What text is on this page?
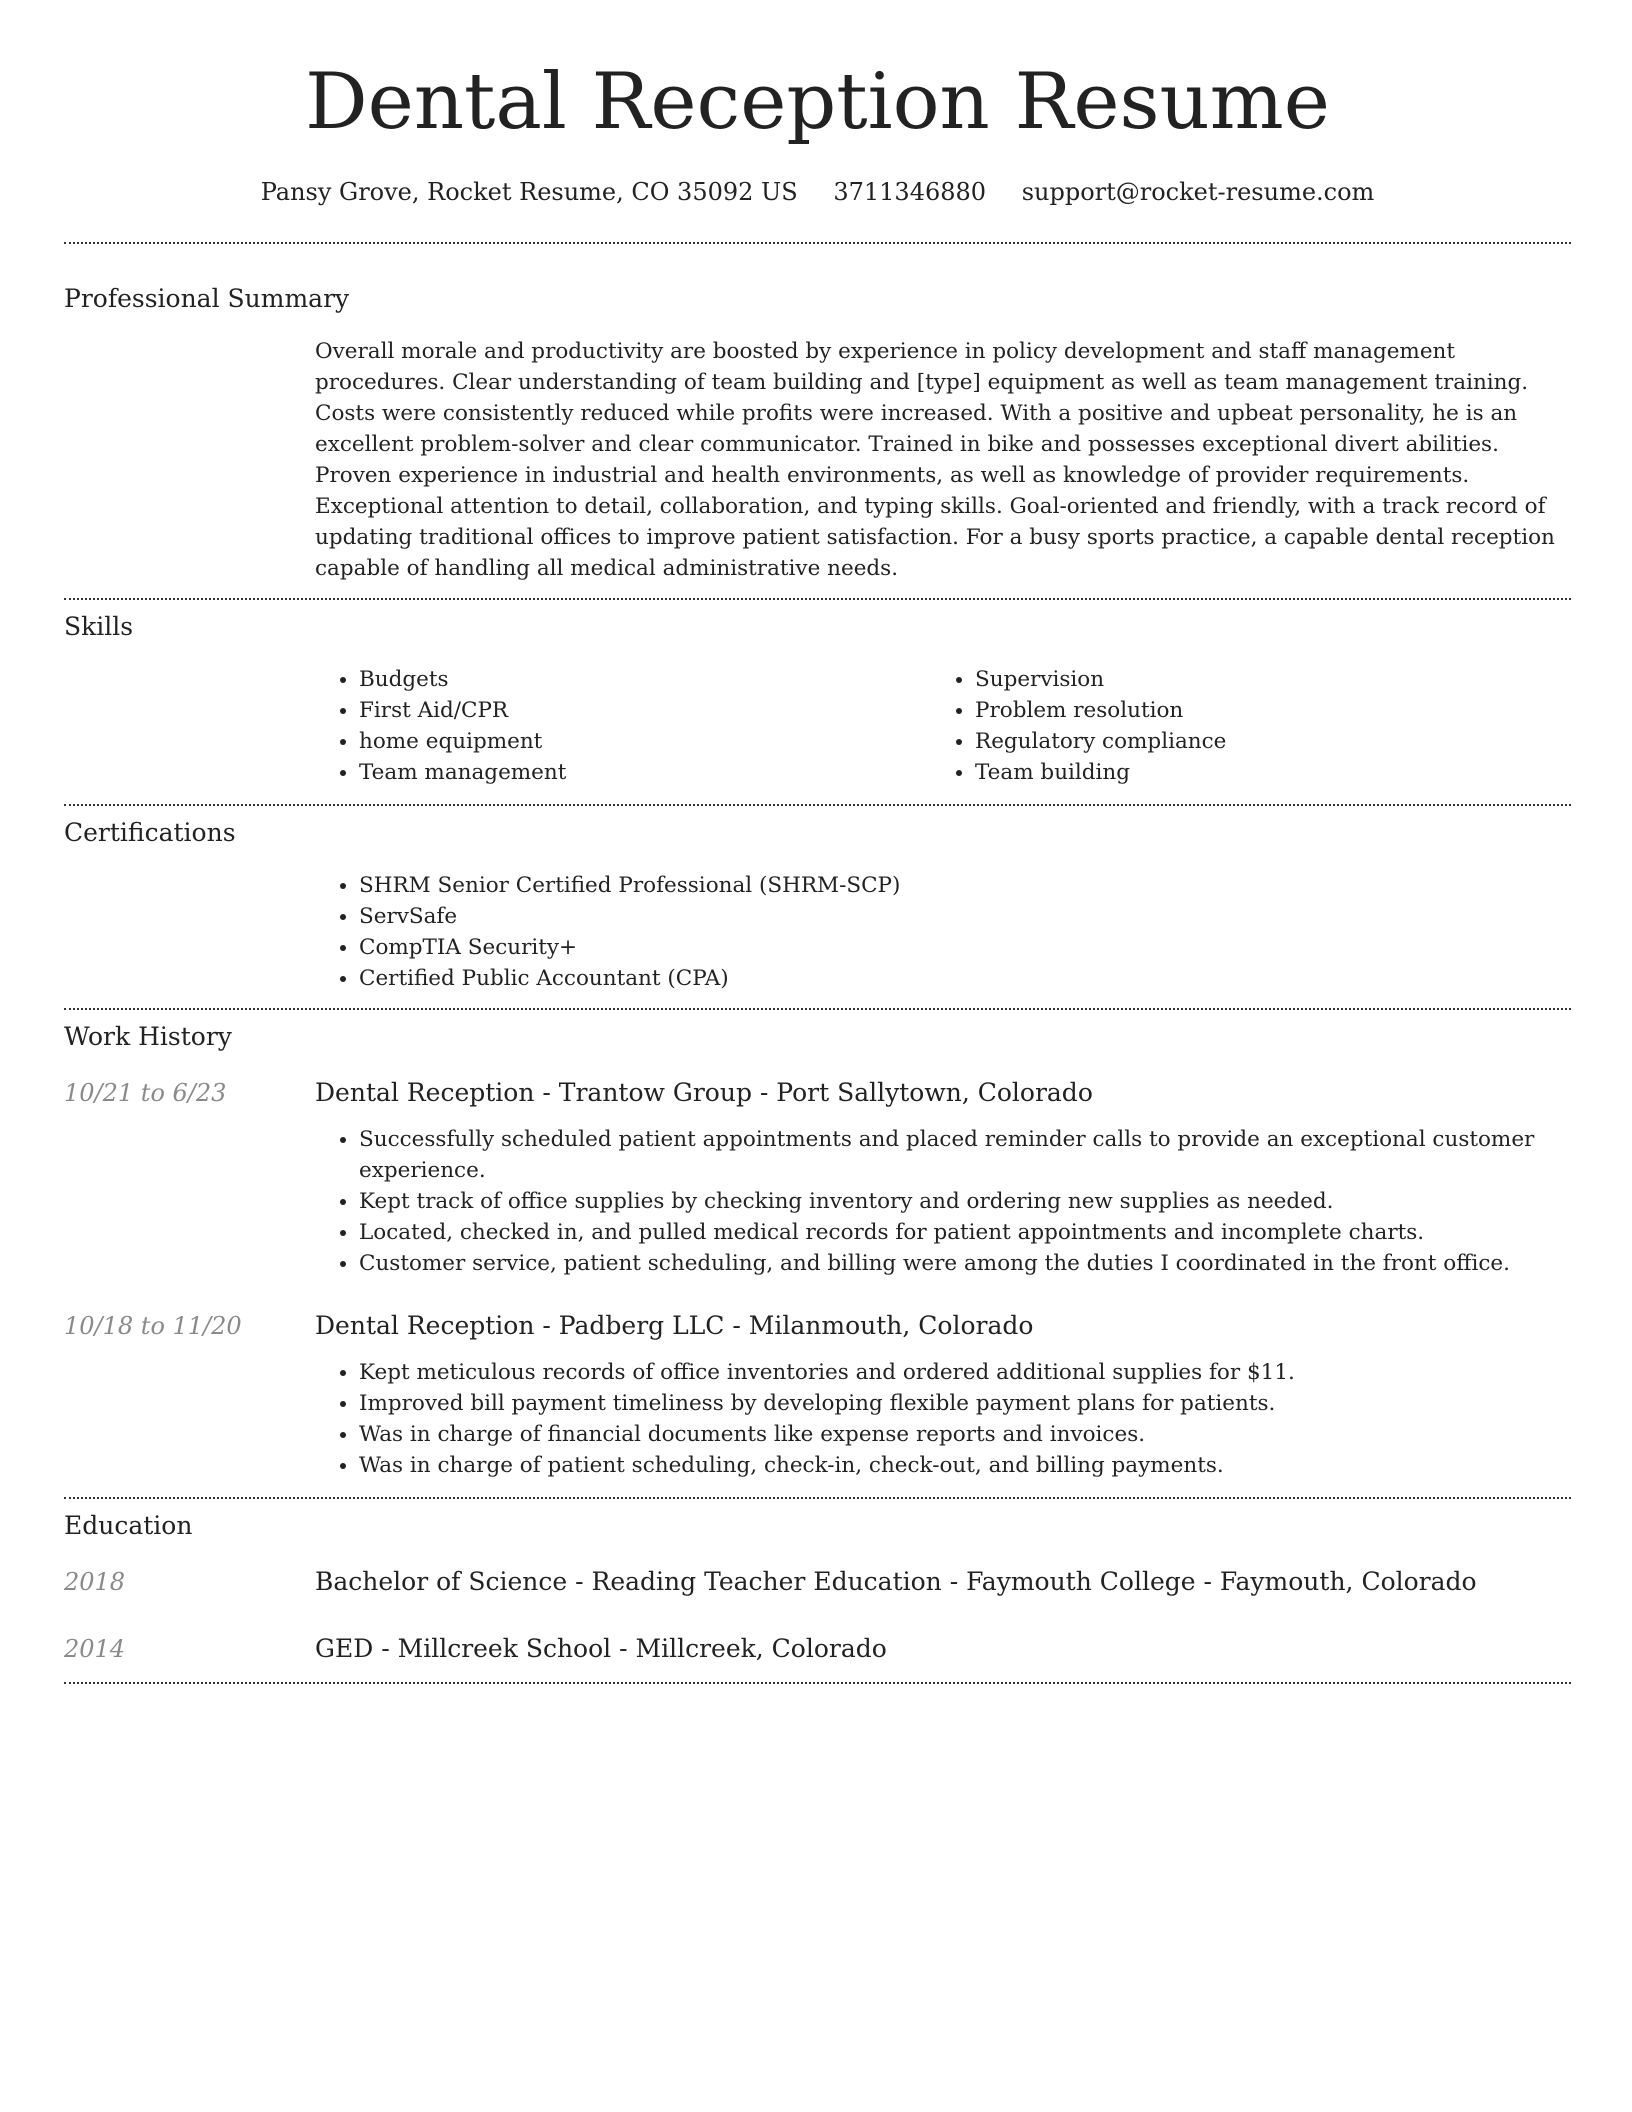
Dental Reception Resume
Pansy Grove, Rocket Resume, CO 35092 US 3711346880 support@rocket-resume.com
Professional Summary
Overall morale and productivity are boosted by experience in policy development and staff management procedures. Clear understanding of team building and [type] equipment as well as team management training. Costs were consistently reduced while profits were increased. With a positive and upbeat personality, he is an excellent problem-solver and clear communicator. Trained in bike and possesses exceptional divert abilities. Proven experience in industrial and health environments, as well as knowledge of provider requirements. Exceptional attention to detail, collaboration, and typing skills. Goal-oriented and friendly, with a track record of updating traditional offices to improve patient satisfaction. For a busy sports practice, a capable dental reception capable of handling all medical administrative needs.
Skills
• Budgets
• First Aid/CPR
• home equipment
• Team management
• Supervision
• Problem resolution
• Regulatory compliance
• Team building
Certifications
• SHRM Senior Certified Professional (SHRM-SCP)
• ServSafe
• CompTIA Security+
• Certified Public Accountant (CPA)
Work History
10/21 to 6/23	Dental Reception - Trantow Group - Port Sallytown, Colorado
• Successfully scheduled patient appointments and placed reminder calls to provide an exceptional customer experience.
• Kept track of office supplies by checking inventory and ordering new supplies as needed.
• Located, checked in, and pulled medical records for patient appointments and incomplete charts.
• Customer service, patient scheduling, and billing were among the duties I coordinated in the front office.
10/18 to 11/20	Dental Reception - Padberg LLC - Milanmouth, Colorado
• Kept meticulous records of office inventories and ordered additional supplies for $11.
• Improved bill payment timeliness by developing flexible payment plans for patients.
• Was in charge of financial documents like expense reports and invoices.
• Was in charge of patient scheduling, check-in, check-out, and billing payments.
Education
2018	Bachelor of Science - Reading Teacher Education - Faymouth College - Faymouth, Colorado
2014	GED - Millcreek School - Millcreek, Colorado
